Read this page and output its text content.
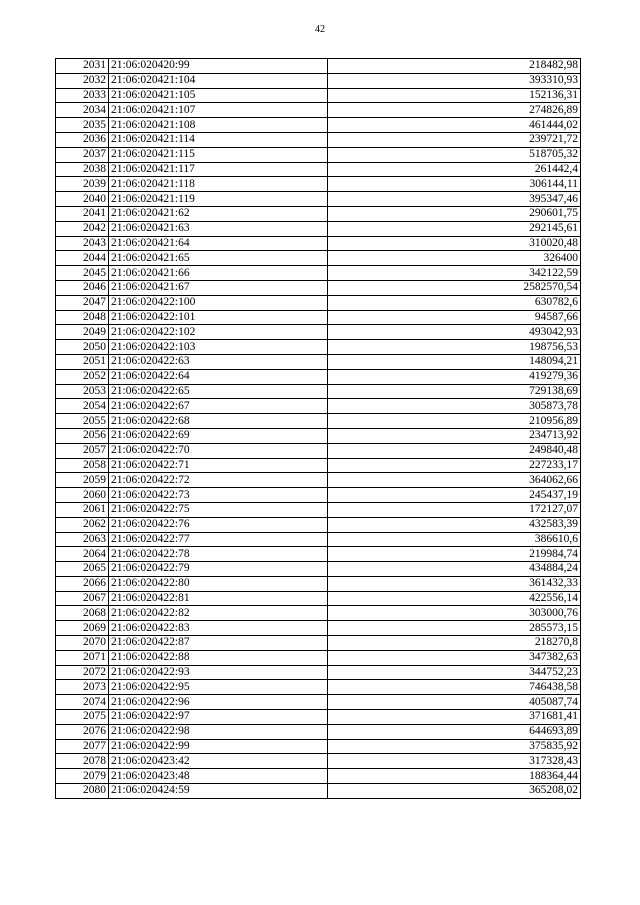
42
2031	21:06:020420:99	218482,98
2032	21:06:020421:104	393310,93
2033	21:06:020421:105	152136,31
2034	21:06:020421:107	274826,89
2035	21:06:020421:108	461444,02
2036	21:06:020421:114	239721,72
2037	21:06:020421:115	518705,32
2038	21:06:020421:117	261442,4
2039	21:06:020421:118	306144,11
2040	21:06:020421:119	395347,46
2041	21:06:020421:62	290601,75
2042	21:06:020421:63	292145,61
2043	21:06:020421:64	310020,48
2044	21:06:020421:65	326400
2045	21:06:020421:66	342122,59
2046	21:06:020421:67	2582570,54
2047	21:06:020422:100	630782,6
2048	21:06:020422:101	94587,66
2049	21:06:020422:102	493042,93
2050	21:06:020422:103	198756,53
2051	21:06:020422:63	148094,21
2052	21:06:020422:64	419279,36
2053	21:06:020422:65	729138,69
2054	21:06:020422:67	305873,78
2055	21:06:020422:68	210956,89
2056	21:06:020422:69	234713,92
2057	21:06:020422:70	249840,48
2058	21:06:020422:71	227233,17
2059	21:06:020422:72	364062,66
2060	21:06:020422:73	245437,19
2061	21:06:020422:75	172127,07
2062	21:06:020422:76	432583,39
2063	21:06:020422:77	386610,6
2064	21:06:020422:78	219984,74
2065	21:06:020422:79	434884,24
2066	21:06:020422:80	361432,33
2067	21:06:020422:81	422556,14
2068	21:06:020422:82	303000,76
2069	21:06:020422:83	285573,15
2070	21:06:020422:87	218270,8
2071	21:06:020422:88	347382,63
2072	21:06:020422:93	344752,23
2073	21:06:020422:95	746438,58
2074	21:06:020422:96	405087,74
2075	21:06:020422:97	371681,41
2076	21:06:020422:98	644693,89
2077	21:06:020422:99	375835,92
2078	21:06:020423:42	317328,43
2079	21:06:020423:48	188364,44
2080	21:06:020424:59	365208,02
